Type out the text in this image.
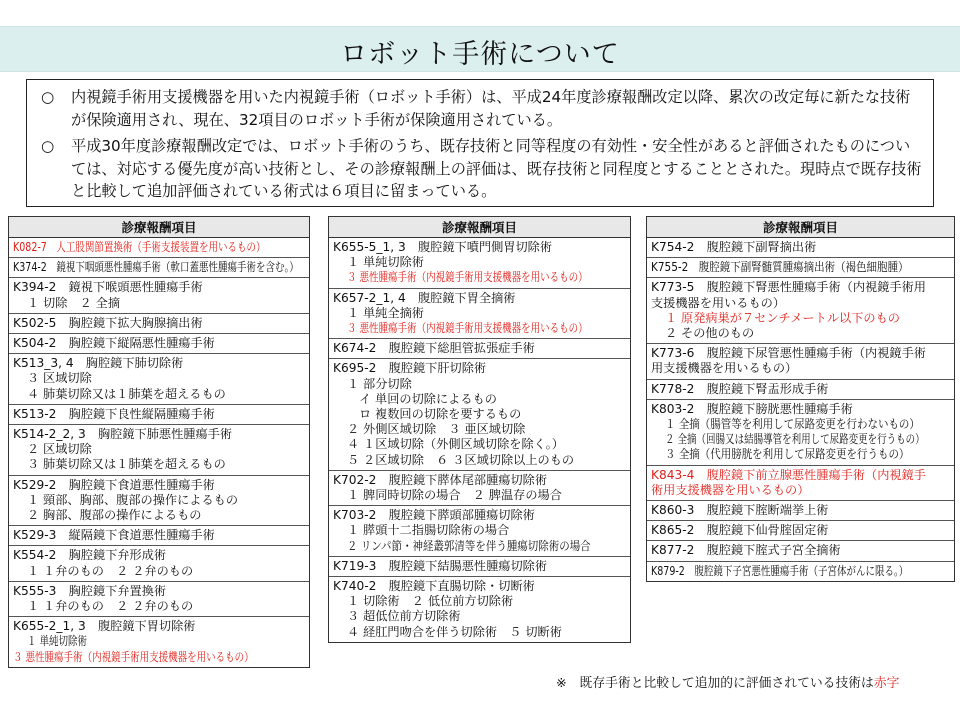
ロボット手術について
○	内視鏡手術用支援機器を用いた内視鏡手術（ロボット手術）は、平成24年度診療報酬改定以降、累次の改定毎に新たな技術が保険適用され、現在、32項目のロボット手術が保険適用されている。
○	平成30年度診療報酬改定では、ロボット手術のうち、既存技術と同等程度の有効性・安全性があると評価されたものについては、対応する優先度が高い技術とし、その診療報酬上の評価は、既存技術と同程度とすることとされた。現時点で既存技術と比較して追加評価されている術式は６項目に留まっている。
診療報酬項目
K082-7　人工股関節置換術（手術支援装置を用いるもの）
K374-2　鏡視下咽頭悪性腫瘍手術（軟口蓋悪性腫瘍手術を含む。）
K394-2　鏡視下喉頭悪性腫瘍手術
１ 切除　２ 全摘
K502-5　胸腔鏡下拡大胸腺摘出術
K504-2　胸腔鏡下縦隔悪性腫瘍手術
K513_3, 4　胸腔鏡下肺切除術
３ 区域切除
４ 肺葉切除又は１肺葉を超えるもの
K513-2　胸腔鏡下良性縦隔腫瘍手術
K514-2_2, 3　胸腔鏡下肺悪性腫瘍手術
２ 区域切除
３ 肺葉切除又は１肺葉を超えるもの
K529-2　胸腔鏡下食道悪性腫瘍手術
１ 頸部、胸部、腹部の操作によるもの
２ 胸部、腹部の操作によるもの
K529-3　縦隔鏡下食道悪性腫瘍手術
K554-2　胸腔鏡下弁形成術
１ １弁のもの　２ ２弁のもの
K555-3　胸腔鏡下弁置換術
１ １弁のもの　２ ２弁のもの
K655-2_1, 3　腹腔鏡下胃切除術
１ 単純切除術
３ 悪性腫瘍手術（内視鏡手術用支援機器を用いるもの）
診療報酬項目
K655-5_1, 3　腹腔鏡下噴門側胃切除術
１ 単純切除術
３ 悪性腫瘍手術（内視鏡手術用支援機器を用いるもの）
K657-2_1, 4　腹腔鏡下胃全摘術
１ 単純全摘術
３ 悪性腫瘍手術（内視鏡手術用支援機器を用いるもの）
K674-2　腹腔鏡下総胆管拡張症手術
K695-2　腹腔鏡下肝切除術
１ 部分切除
イ 単回の切除によるもの
ロ 複数回の切除を要するもの
２ 外側区域切除　３ 亜区域切除
４ １区域切除（外側区域切除を除く。）
５ ２区域切除　６ ３区域切除以上のもの
K702-2　腹腔鏡下膵体尾部腫瘍切除術
１ 脾同時切除の場合　２ 脾温存の場合
K703-2　腹腔鏡下膵頭部腫瘍切除術
１ 膵頭十二指腸切除術の場合
２ リンパ節・神経叢郭清等を伴う腫瘍切除術の場合
K719-3　腹腔鏡下結腸悪性腫瘍切除術
K740-2　腹腔鏡下直腸切除・切断術
１ 切除術　２ 低位前方切除術
３ 超低位前方切除術
４ 経肛門吻合を伴う切除術　５ 切断術
診療報酬項目
K754-2　腹腔鏡下副腎摘出術
K755-2　腹腔鏡下副腎髄質腫瘍摘出術（褐色細胞腫）
K773-5　腹腔鏡下腎悪性腫瘍手術（内視鏡手術用
支援機器を用いるもの）
１ 原発病巣が７センチメートル以下のもの
２ その他のもの
K773-6　腹腔鏡下尿管悪性腫瘍手術（内視鏡手術
用支援機器を用いるもの）
K778-2　腹腔鏡下腎盂形成手術
K803-2　腹腔鏡下膀胱悪性腫瘍手術
１ 全摘（腸管等を利用して尿路変更を行わないもの）
２ 全摘（回腸又は結腸導管を利用して尿路変更を行うもの）
３ 全摘（代用膀胱を利用して尿路変更を行うもの）
K843-4　腹腔鏡下前立腺悪性腫瘍手術（内視鏡手
術用支援機器を用いるもの）
K860-3　腹腔鏡下腟断端挙上術
K865-2　腹腔鏡下仙骨腟固定術
K877-2　腹腔鏡下腟式子宮全摘術
K879-2　腹腔鏡下子宮悪性腫瘍手術（子宮体がんに限る。）
※　既存手術と比較して追加的に評価されている技術は赤字
